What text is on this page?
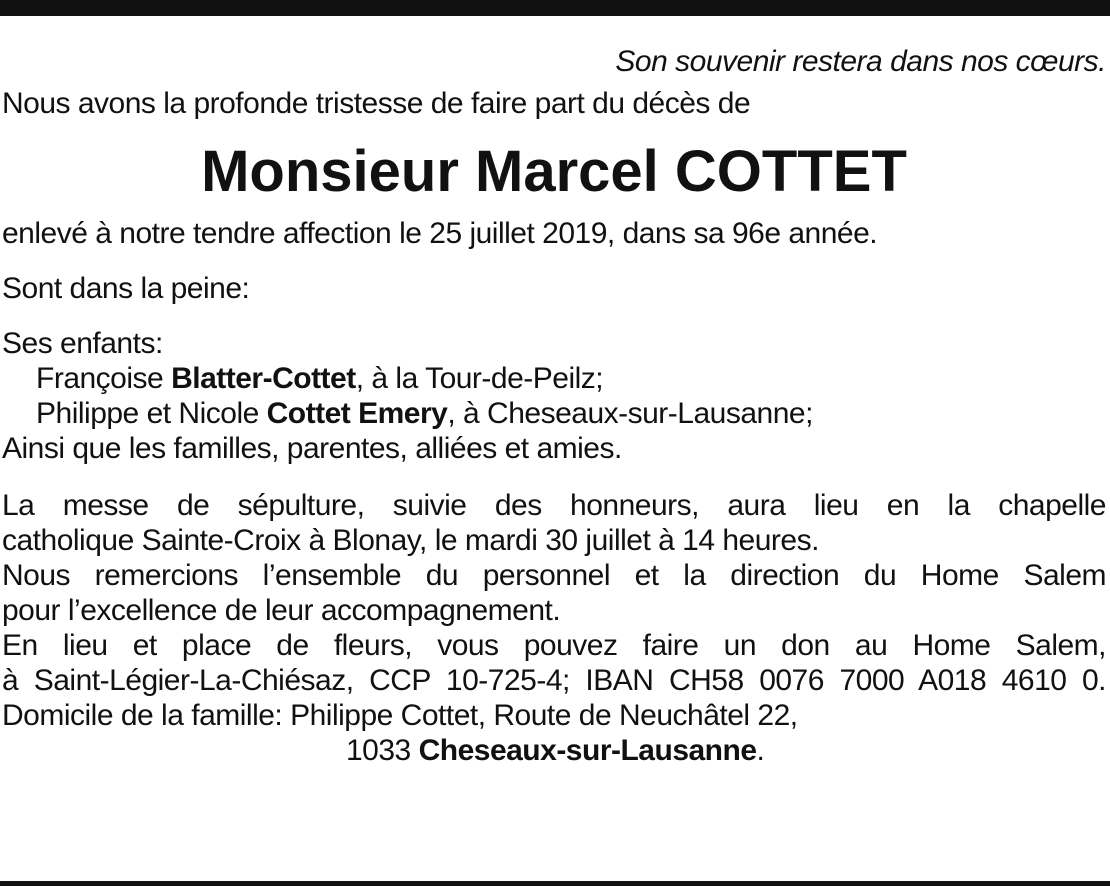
Son souvenir restera dans nos cœurs.

Nous avons la profonde tristesse de faire part du décès de

Monsieur Marcel COTTET

enlevé à notre tendre affection le 25 juillet 2019, dans sa 96e année.

Sont dans la peine:

Ses enfants:

Françoise Blatter-Cottet, à la Tour-de-Peilz;

Philippe et Nicole Cottet Emery, à Cheseaux-sur-Lausanne;

Ainsi que les familles, parentes, alliées et amies.

La messe de sépulture, suivie des honneurs, aura lieu en la chapelle

catholique Sainte-Croix à Blonay, le mardi 30 juillet à 14 heures.

Nous remercions l’ensemble du personnel et la direction du Home Salem

pour l’excellence de leur accompagnement.

En lieu et place de fleurs, vous pouvez faire un don au Home Salem,

à Saint-Légier-La-Chiésaz, CCP 10-725-4; IBAN CH58 0076 7000 A018 4610 0.

Domicile de la famille: Philippe Cottet, Route de Neuchâtel 22,

1033 Cheseaux-sur-Lausanne.
